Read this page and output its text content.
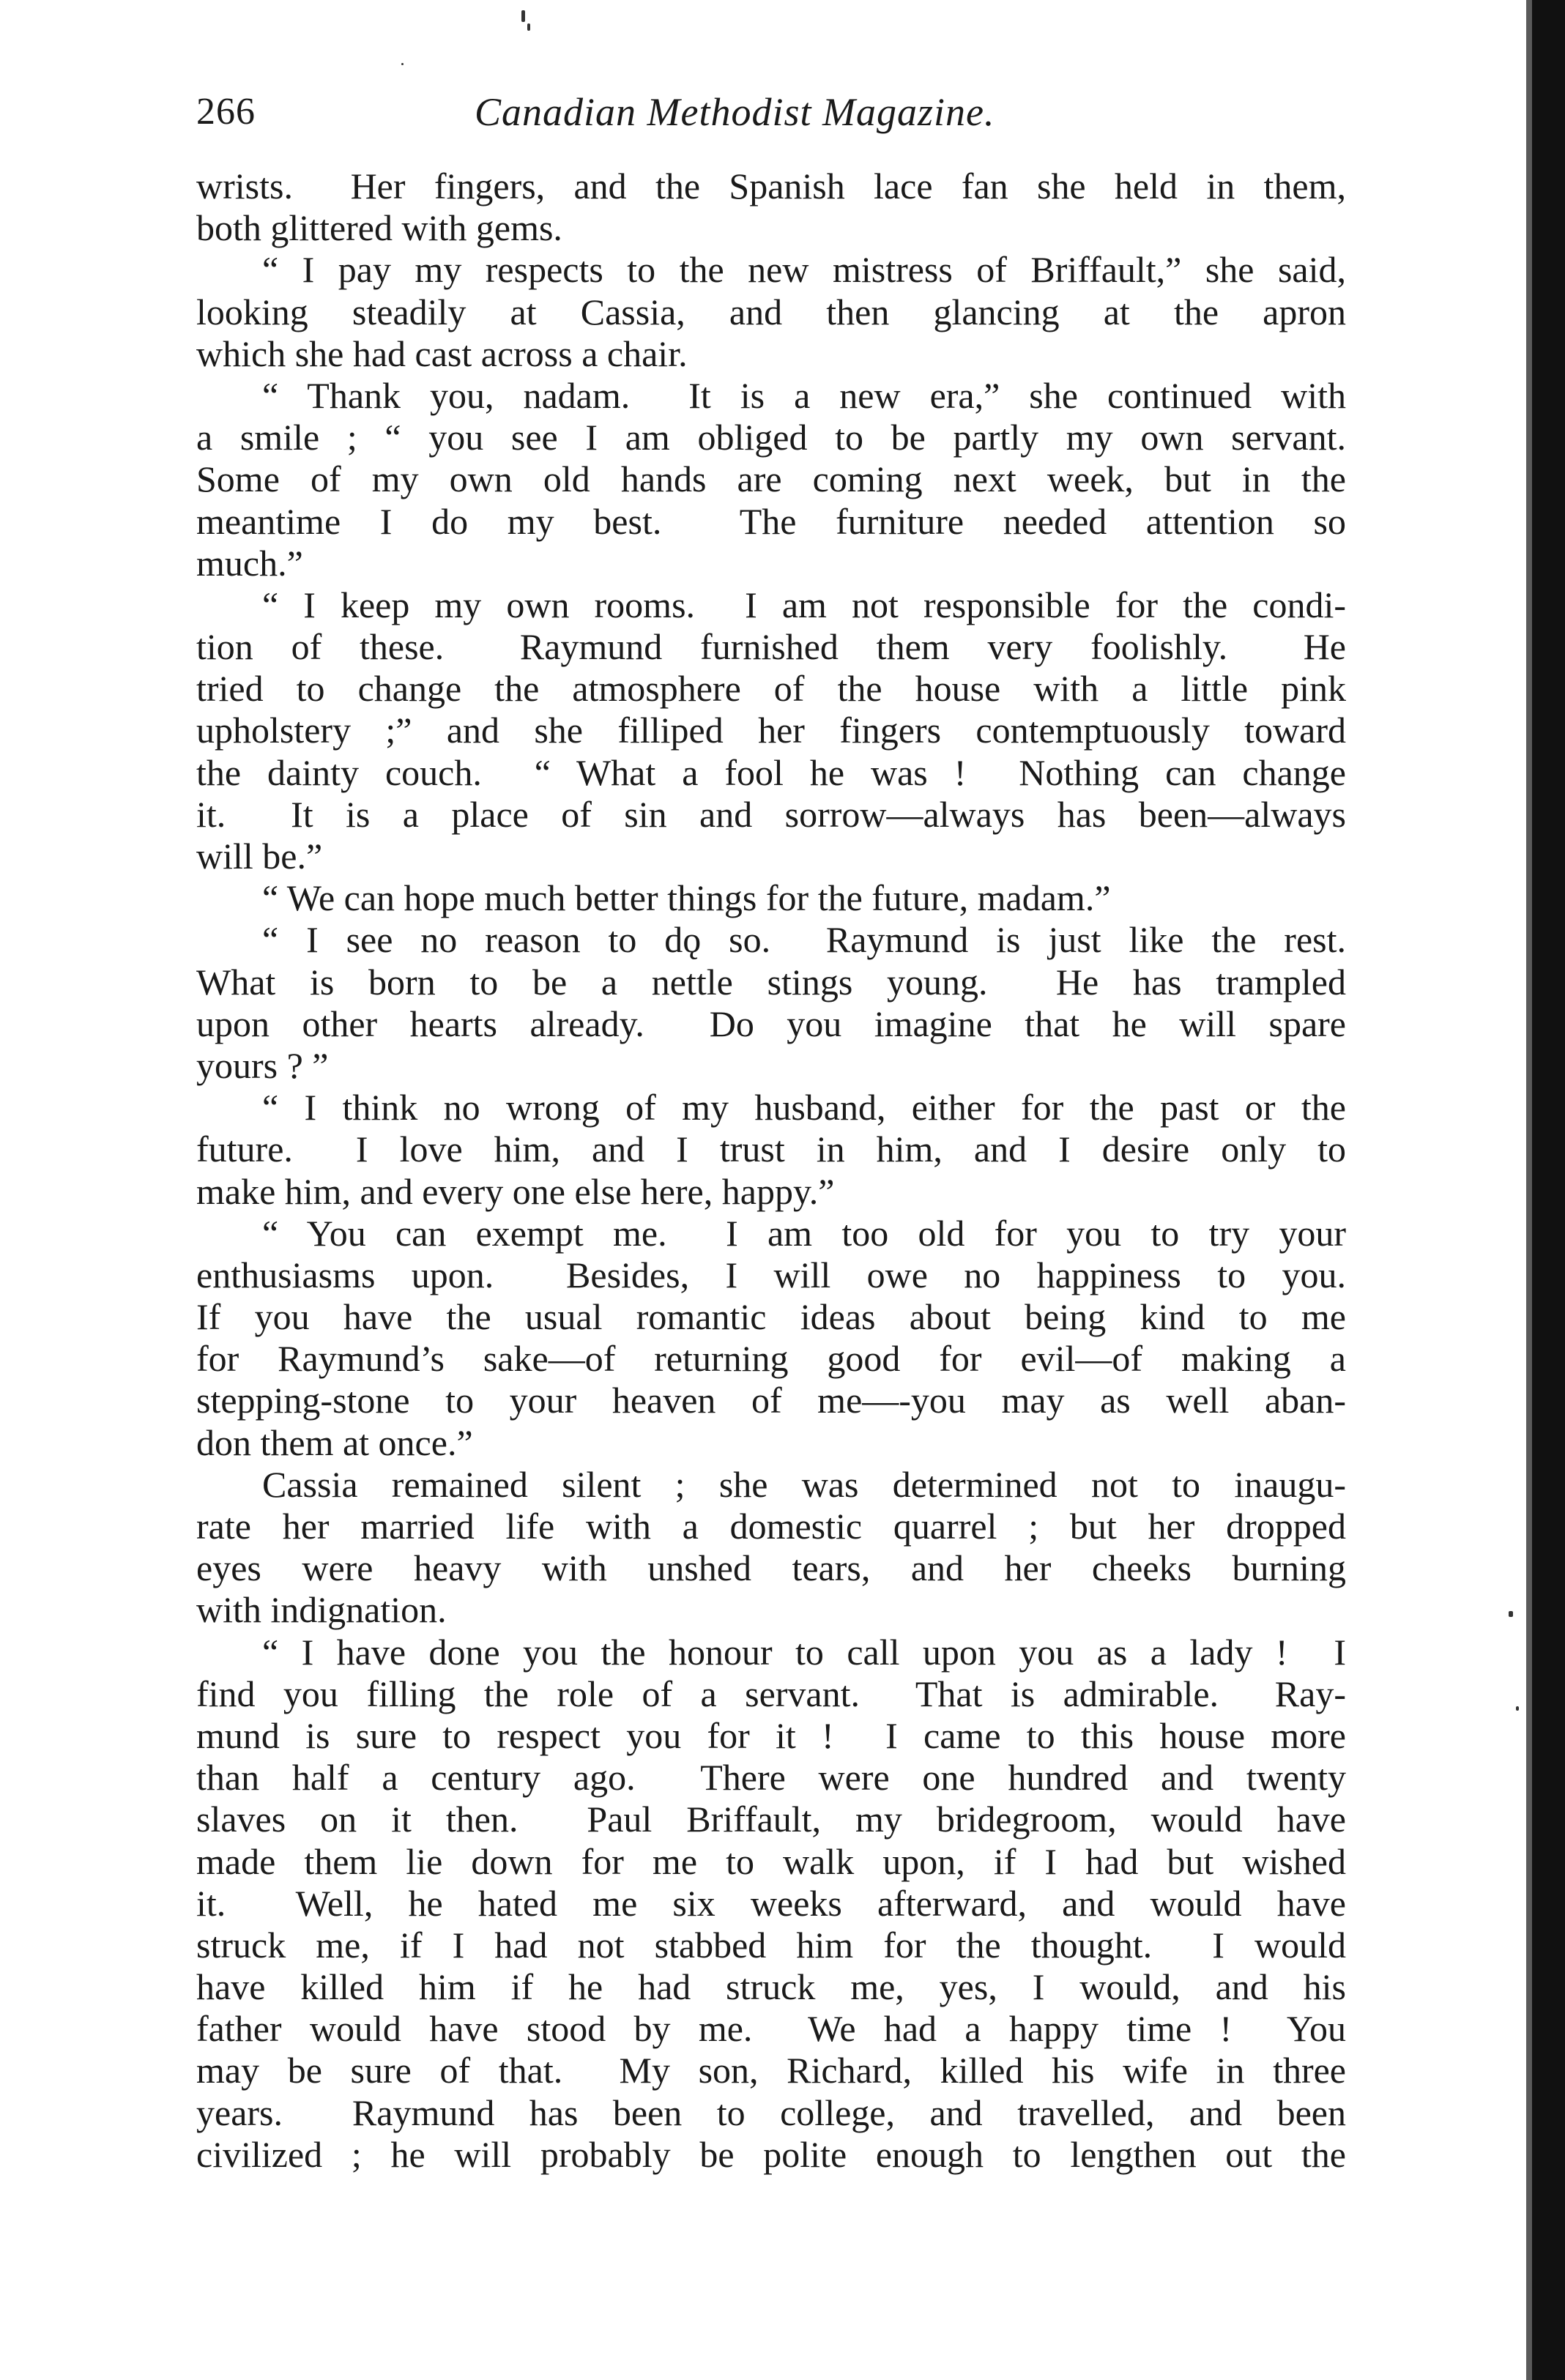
266	Canadian Methodist Magazine.
wrists.  Her fingers, and the Spanish lace fan she held in them,
both glittered with gems.
“ I pay my respects to the new mistress of Briffault,” she said,
looking steadily at Cassia, and then glancing at the apron
which she had cast across a chair.
“ Thank you, nadam.  It is a new era,” she continued with
a smile ; “ you see I am obliged to be partly my own servant.
Some of my own old hands are coming next week, but in the
meantime I do my best.  The furniture needed attention so
much.”
“ I keep my own rooms.  I am not responsible for the condi-
tion of these.  Raymund furnished them very foolishly.  He
tried to change the atmosphere of the house with a little pink
upholstery ;” and she filliped her fingers contemptuously toward
the dainty couch.  “ What a fool he was !  Nothing can change
it.  It is a place of sin and sorrow—always has been—always
will be.”
“ We can hope much better things for the future, madam.”
“ I see no reason to dǫ so.  Raymund is just like the rest.
What is born to be a nettle stings young.  He has trampled
upon other hearts already.  Do you imagine that he will spare
yours ? ”
“ I think no wrong of my husband, either for the past or the
future.  I love him, and I trust in him, and I desire only to
make him, and every one else here, happy.”
“ You can exempt me.  I am too old for you to try your
enthusiasms upon.  Besides, I will owe no happiness to you.
If you have the usual romantic ideas about being kind to me
for Raymund’s sake—of returning good for evil—of making a
stepping-stone to your heaven of me—-you may as well aban-
don them at once.”
Cassia remained silent ; she was determined not to inaugu-
rate her married life with a domestic quarrel ; but her dropped
eyes were heavy with unshed tears, and her cheeks burning
with indignation.
“ I have done you the honour to call upon you as a lady !  I
find you filling the role of a servant.  That is admirable.  Ray-
mund is sure to respect you for it !  I came to this house more
than half a century ago.  There were one hundred and twenty
slaves on it then.  Paul Briffault, my bridegroom, would have
made them lie down for me to walk upon, if I had but wished
it.  Well, he hated me six weeks afterward, and would have
struck me, if I had not stabbed him for the thought.  I would
have killed him if he had struck me, yes, I would, and his
father would have stood by me.  We had a happy time !  You
may be sure of that.  My son, Richard, killed his wife in three
years.  Raymund has been to college, and travelled, and been
civilized ; he will probably be polite enough to lengthen out the
